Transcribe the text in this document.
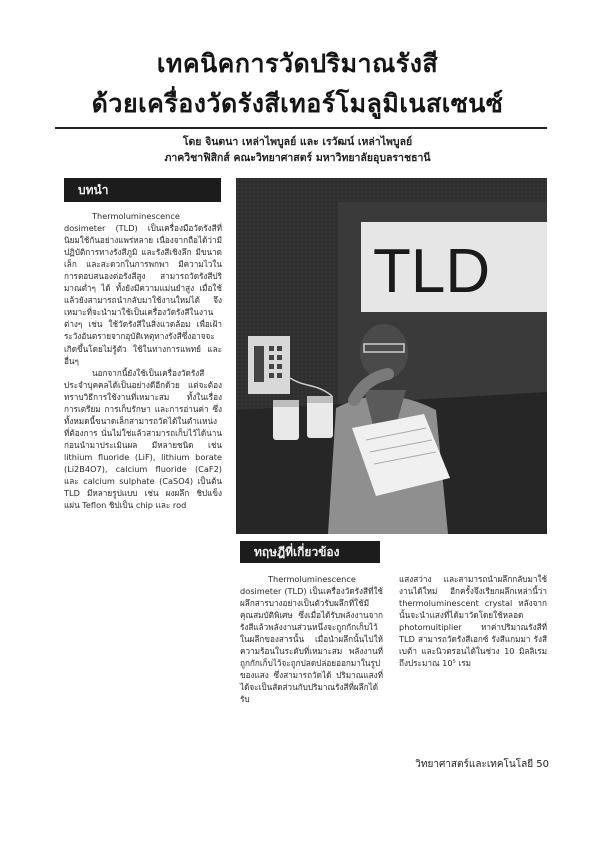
เทคนิคการวัดปริมาณรังสี
ด้วยเครื่องวัดรังสีเทอร์โมลูมิเนสเซนซ์
โดย จินตนา เหล่าไพบูลย์ และ เรวัฒน์ เหล่าไพบูลย์
ภาควิชาฟิสิกส์ คณะวิทยาศาสตร์ มหาวิทยาลัยอุบลราชธานี
บทนำ

Thermoluminescence dosimeter (TLD) เป็นเครื่องมือวัดรังสีที่นิยมใช้กันอย่างแพร่หลาย เนื่องจากถือได้ว่ามีปฏิบัติการทางรังสีภูมิ และรังสีเชิงลึก มีขนาดเล็ก และสะดวกในการพกพา มีความไวในการตอบสนองต่อรังสีสูง สามารถวัดรังสีปริมาณต่ำๆ ได้ ทั้งยังมีความแม่นยำสูง เมื่อใช้แล้วยังสามารถนำกลับมาใช้งานใหม่ได้ จึงเหมาะที่จะนำมาใช้เป็นเครื่องวัดรังสีในงานต่างๆ เช่น ใช้วัดรังสีในสิ่งแวดล้อม เพื่อเฝ้าระวังอันตรายจากอุบัติเหตุทางรังสีซึ่งอาจจะเกิดขึ้นโดยไม่รู้ตัว ใช้ในทางการแพทย์ และอื่นๆ

นอกจากนี้ยังใช้เป็นเครื่องวัดรังสีประจำบุคคลได้เป็นอย่างดีอีกด้วย แต่จะต้องทราบวิธีการใช้งานที่เหมาะสม ทั้งในเรื่องการเตรียม การเก็บรักษา และการอ่านค่า ซึ่งทั้งหมดนี้ขนาดเล็กสามารถวัดได้ในตำแหน่งที่ต้องการ นั่นไม่ใช่แล้วสามารถเก็บไว้ได้นาน ก่อนนำมาประเมินผล มีหลายชนิด เช่น lithium fluoride (LiF), lithium borate (Li2B4O7), calcium fluoride (CaF2) และ calcium sulphate (CaSO4) เป็นต้น TLD มีหลายรูปแบบ เช่น ผงผลึก ชิปแข็ง แผ่น Teflon ชิปเป็น chip และ rod

TLD
ทฤษฎีที่เกี่ยวข้อง

Thermoluminescence dosimeter (TLD) เป็นเครื่องวัดรังสีที่ใช้ผลึกสารบางอย่างเป็นตัวรับผลึกที่ใช้มีคุณสมบัติพิเศษ ซึ่งเมื่อได้รับพลังงานจากรังสีแล้วพลังงานส่วนหนึ่งจะถูกกักเก็บไว้ในผลึกของสารนั้น เมื่อนำผลึกนั้นไปให้ความร้อนในระดับที่เหมาะสม พลังงานที่ถูกกักเก็บไว้จะถูกปลดปล่อยออกมาในรูปของแสง ซึ่งสามารถวัดได้ ปริมาณแสงที่ได้จะเป็นสัดส่วนกับปริมาณรังสีที่ผลึกได้รับ

แสงสว่าง และสามารถนำผลึกกลับมาใช้งานได้ใหม่ อีกครั้งจึงเรียกผลึกเหล่านี้ว่า thermoluminescent crystal หลังจากนั้นจะนำแสงที่ได้มาวัดโดยใช้หลอด photomultiplier หาค่าปริมาณรังสีที่ TLD สามารถวัดรังสีเอกซ์ รังสีแกมมา รังสีเบต้า และนิวตรอนได้ในช่วง 10 มิลลิเรม ถึงประมาณ 10⁵ เรม

วิทยาศาสตร์และเทคโนโลยี 50
